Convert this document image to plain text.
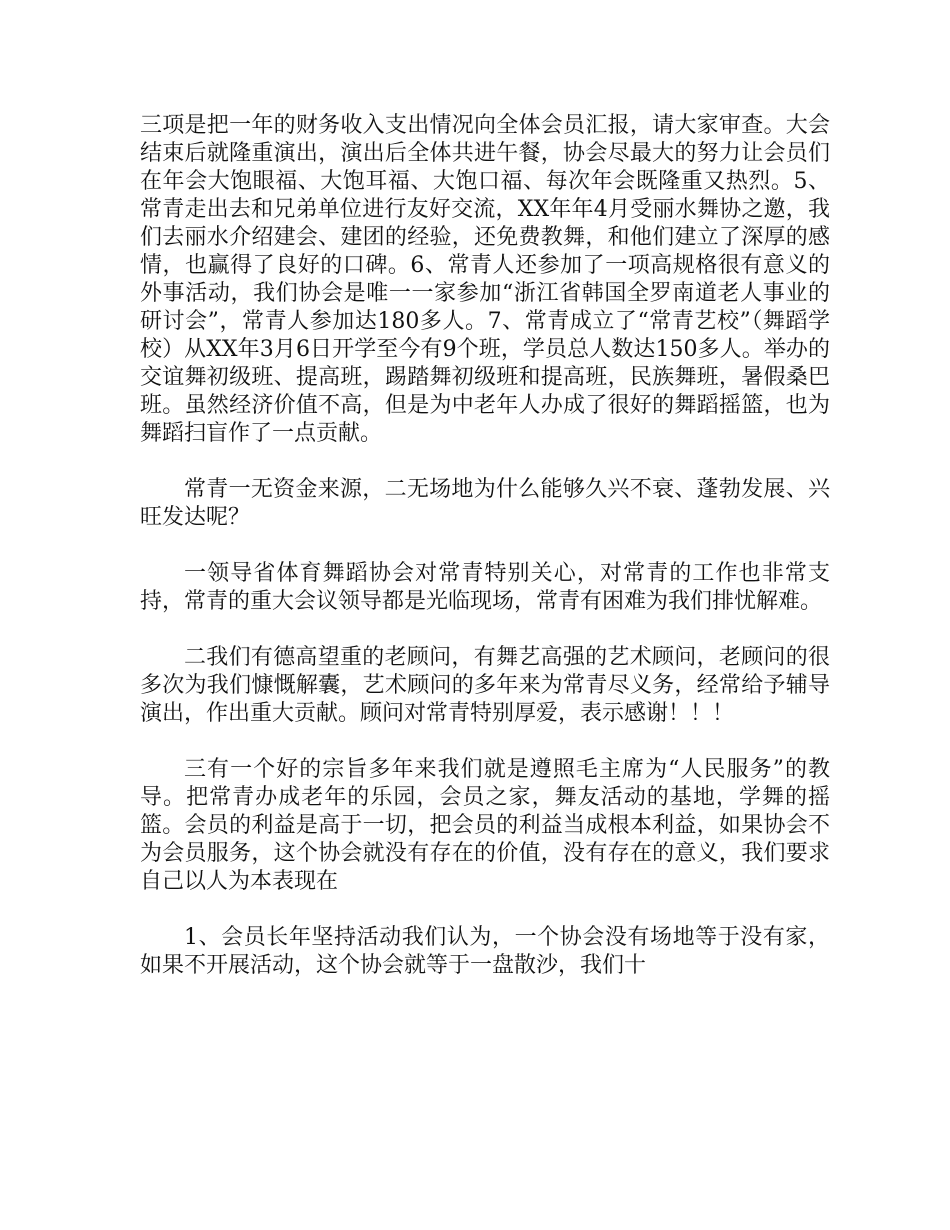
三项是把一年的财务收入支出情况向全体会员汇报，请大家审查。大会结束后就隆重演出，演出后全体共进午餐，协会尽最大的努力让会员们在年会大饱眼福、大饱耳福、大饱口福、每次年会既隆重又热烈。5、常青走出去和兄弟单位进行友好交流，XX年年4月受丽水舞协之邀，我们去丽水介绍建会、建团的经验，还免费教舞，和他们建立了深厚的感情，也赢得了良好的口碑。6、常青人还参加了一项高规格很有意义的外事活动，我们协会是唯一一家参加“浙江省韩国全罗南道老人事业的研讨会”，常青人参加达180多人。7、常青成立了“常青艺校”（舞蹈学校）从XX年3月6日开学至今有9个班，学员总人数达150多人。举办的交谊舞初级班、提高班，踢踏舞初级班和提高班，民族舞班，暑假桑巴班。虽然经济价值不高，但是为中老年人办成了很好的舞蹈摇篮，也为舞蹈扫盲作了一点贡献。

常青一无资金来源，二无场地为什么能够久兴不衰、蓬勃发展、兴旺发达呢？

一领导省体育舞蹈协会对常青特别关心，对常青的工作也非常支持，常青的重大会议领导都是光临现场，常青有困难为我们排忧解难。

二我们有德高望重的老顾问，有舞艺高强的艺术顾问，老顾问的很多次为我们慷慨解囊，艺术顾问的多年来为常青尽义务，经常给予辅导演出，作出重大贡献。顾问对常青特别厚爱，表示感谢！！！

三有一个好的宗旨多年来我们就是遵照毛主席为“人民服务”的教导。把常青办成老年的乐园，会员之家，舞友活动的基地，学舞的摇篮。会员的利益是高于一切，把会员的利益当成根本利益，如果协会不为会员服务，这个协会就没有存在的价值，没有存在的意义，我们要求自己以人为本表现在

1、会员长年坚持活动我们认为，一个协会没有场地等于没有家，如果不开展活动，这个协会就等于一盘散沙，我们十
